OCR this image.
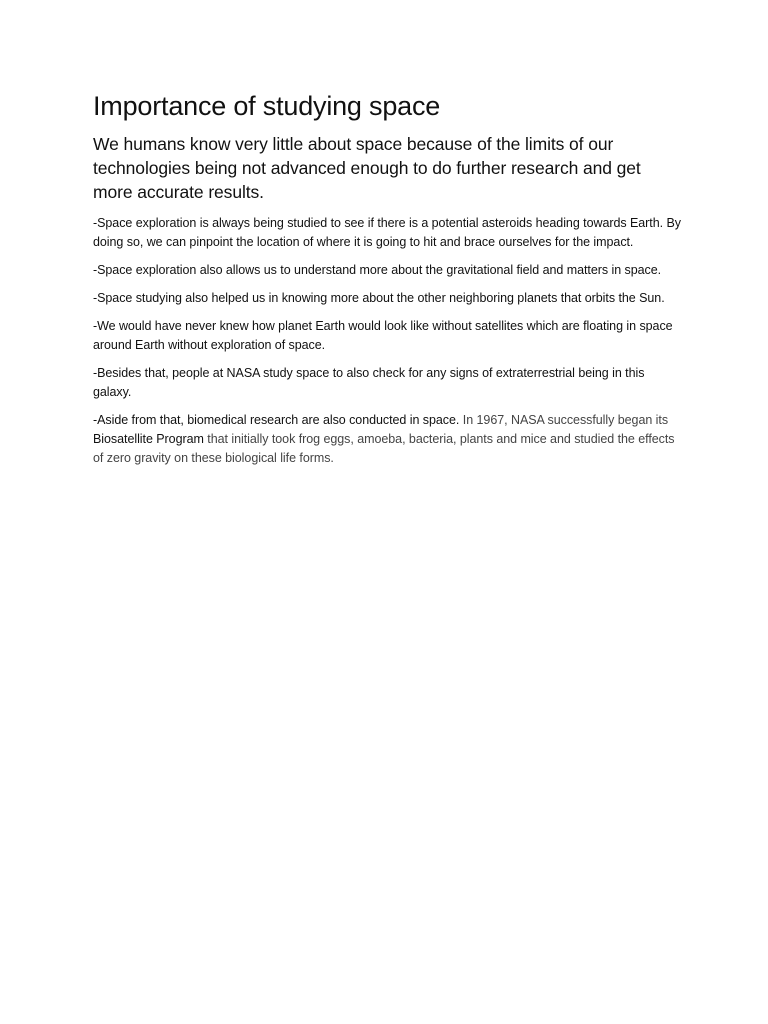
Importance of studying space

We humans know very little about space because of the limits of our technologies being not advanced enough to do further research and get more accurate results.

-Space exploration is always being studied to see if there is a potential asteroids heading towards Earth. By doing so, we can pinpoint the location of where it is going to hit and brace ourselves for the impact.

-Space exploration also allows us to understand more about the gravitational field and matters in space.

-Space studying also helped us in knowing more about the other neighboring planets that orbits the Sun.

-We would have never knew how planet Earth would look like without satellites which are floating in space around Earth without exploration of space.

-Besides that, people at NASA study space to also check for any signs of extraterrestrial being in this galaxy.

-Aside from that, biomedical research are also conducted in space. In 1967, NASA successfully began its Biosatellite Program that initially took frog eggs, amoeba, bacteria, plants and mice and studied the effects of zero gravity on these biological life forms.
